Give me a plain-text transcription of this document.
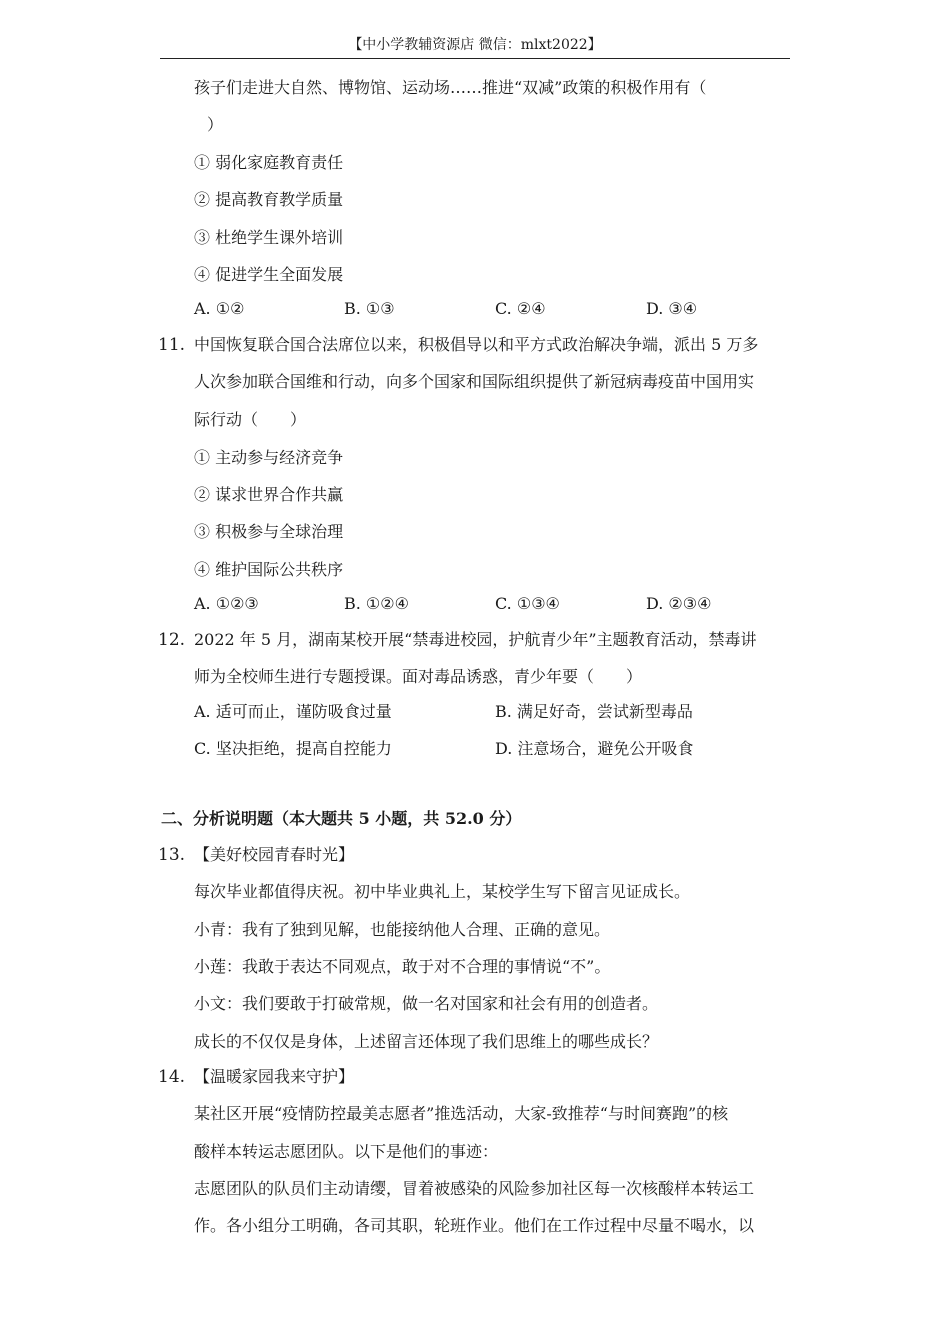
【中小学教辅资源店 微信：mlxt2022】
孩子们走进大自然、博物馆、运动场……推进“双减”政策的积极作用有（
）
① 弱化家庭教育责任
② 提高教育教学质量
③ 杜绝学生课外培训
④ 促进学生全面发展
A. ①②	B. ①③	C. ②④	D. ③④
11. 中国恢复联合国合法席位以来，积极倡导以和平方式政治解决争端，派出 5 万多
人次参加联合国维和行动，向多个国家和国际组织提供了新冠病毒疫苗中国用实
际行动（　　）
① 主动参与经济竞争
② 谋求世界合作共赢
③ 积极参与全球治理
④ 维护国际公共秩序
A. ①②③	B. ①②④	C. ①③④	D. ②③④
12. 2022 年 5 月，湖南某校开展“禁毒进校园，护航青少年”主题教育活动，禁毒讲
师为全校师生进行专题授课。面对毒品诱惑，青少年要（　　）
A. 适可而止，谨防吸食过量	B. 满足好奇，尝试新型毒品
C. 坚决拒绝，提高自控能力	D. 注意场合，避免公开吸食
二、分析说明题（本大题共 5 小题，共 52.0 分）
13. 【美好校园青春时光】
每次毕业都值得庆祝。初中毕业典礼上，某校学生写下留言见证成长。
小青：我有了独到见解，也能接纳他人合理、正确的意见。
小莲：我敢于表达不同观点，敢于对不合理的事情说“不”。
小文：我们要敢于打破常规，做一名对国家和社会有用的创造者。
成长的不仅仅是身体，上述留言还体现了我们思维上的哪些成长？
14. 【温暖家园我来守护】
某社区开展“疫情防控最美志愿者”推选活动，大家-致推荐“与时间赛跑”的核
酸样本转运志愿团队。以下是他们的事迹：
志愿团队的队员们主动请缨，冒着被感染的风险参加社区每一次核酸样本转运工
作。各小组分工明确，各司其职，轮班作业。他们在工作过程中尽量不喝水，以
